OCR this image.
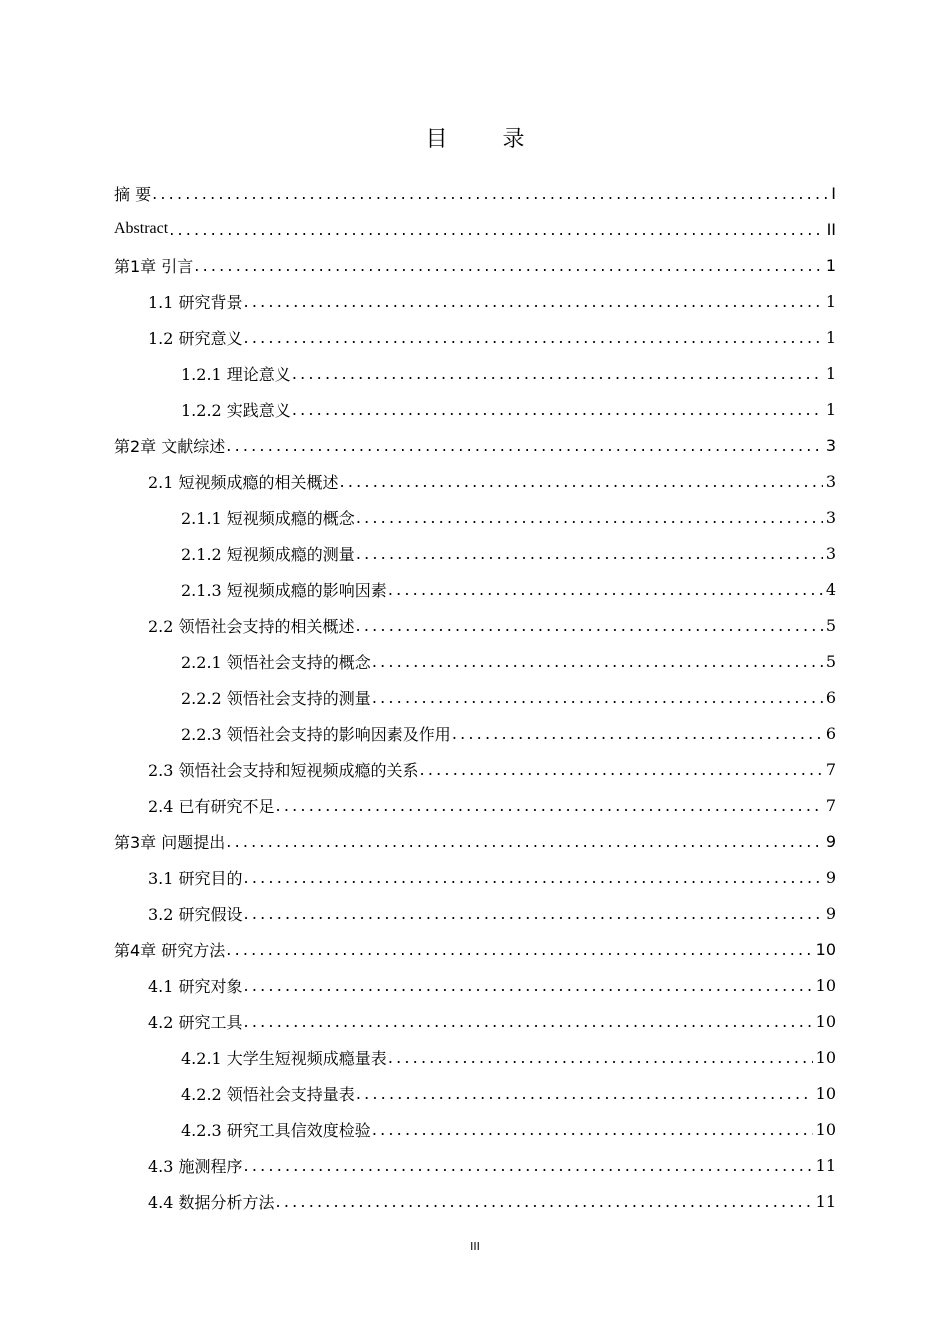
目 录
摘 要 .....	I
Abstract .....	II
第1章 引言 .....	1
1.1 研究背景 .....	1
1.2 研究意义 .....	1
1.2.1 理论意义 .....	1
1.2.2 实践意义 .....	1
第2章 文献综述 .....	3
2.1 短视频成瘾的相关概述 .....	3
2.1.1 短视频成瘾的概念 .....	3
2.1.2 短视频成瘾的测量 .....	3
2.1.3 短视频成瘾的影响因素 .....	4
2.2 领悟社会支持的相关概述 .....	5
2.2.1 领悟社会支持的概念 .....	5
2.2.2 领悟社会支持的测量 .....	6
2.2.3 领悟社会支持的影响因素及作用 .....	6
2.3 领悟社会支持和短视频成瘾的关系 .....	7
2.4 已有研究不足 .....	7
第3章 问题提出 .....	9
3.1 研究目的 .....	9
3.2 研究假设 .....	9
第4章 研究方法 .....	10
4.1 研究对象 .....	10
4.2 研究工具 .....	10
4.2.1 大学生短视频成瘾量表 .....	10
4.2.2 领悟社会支持量表 .....	10
4.2.3 研究工具信效度检验 .....	10
4.3 施测程序 .....	11
4.4 数据分析方法 .....	11
III
